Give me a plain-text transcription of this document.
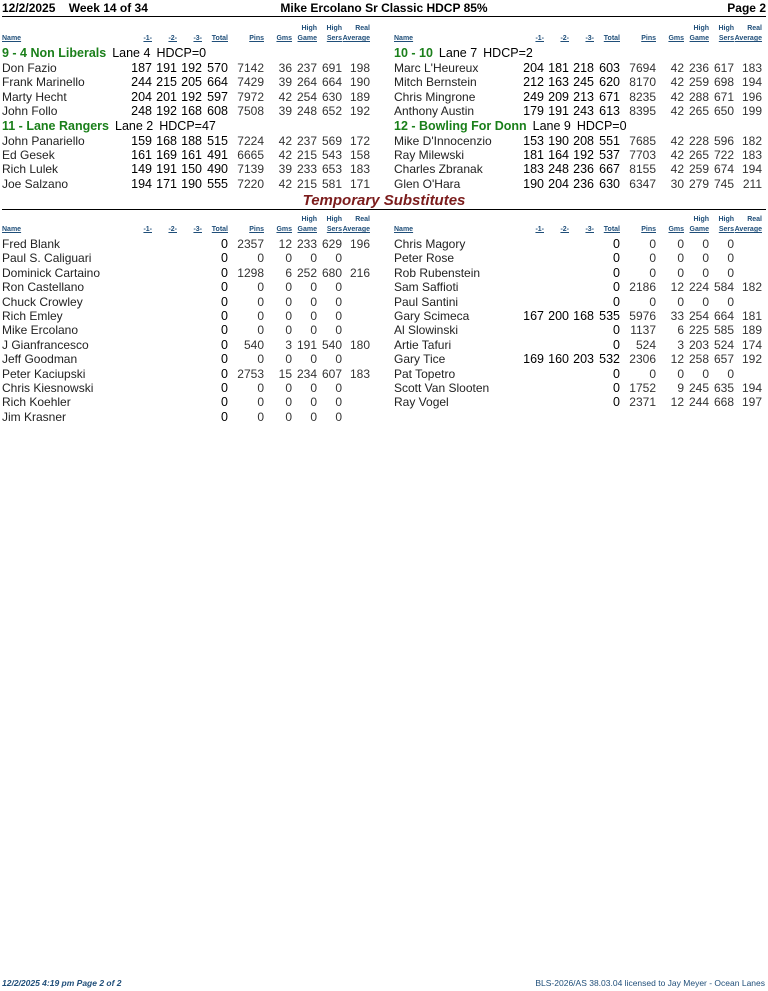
12/2/2025 Week 14 of 34	Mike Ercolano Sr Classic HDCP 85%	Page 2
Name	-1-	-2-	-3-	Total	Pins	Gms
High
Game
High
Sers
Real
Average
9 - 4 Non Liberals Lane 4 HDCP=0
Don Fazio	187 191 192 570 7142	36 237 691 198
Frank Marinello	244 215 205 664 7429	39 264 664 190
Marty Hecht	204 201 192 597 7972	42 254 630 189
John Follo	248 192 168 608 7508	39 248 652 192
11 - Lane Rangers Lane 2 HDCP=47
John Panariello	159 168 188 515 7224	42 237 569 172
Ed Gesek	161 169 161 491 6665	42 215 543 158
Rich Lulek	149 191 150 490 7139	39 233 653 183
Joe Salzano	194 171 190 555 7220	42 215 581 171
Name	-1-	-2-	-3-	Total	Pins	Gms
High
Game
High
Sers
Real
Average
10 - 10 Lane 7 HDCP=2
Marc L'Heureux	204 181 218 603 7694	42 236 617 183
Mitch Bernstein	212 163 245 620 8170	42 259 698 194
Chris Mingrone	249 209 213 671 8235	42 288 671 196
Anthony Austin	179 191 243 613 8395	42 265 650 199
12 - Bowling For Donn Lane 9 HDCP=0
Mike D'Innocenzio	153 190 208 551 7685	42 228 596 182
Ray Milewski	181 164 192 537 7703	42 265 722 183
Charles Zbranak	183 248 236 667 8155	42 259 674 194
Glen O'Hara	190 204 236 630 6347	30 279 745 211
Temporary Substitutes
Name	-1-	-2-	-3-	Total	Pins	Gms
High
Game
High
Sers
Real
Average
Fred Blank	0 2357	12 233 629 196
Paul S. Caliguari	0	0	0	0	0
Dominick Cartaino	0 1298	6 252 680 216
Ron Castellano	0	0	0	0	0
Chuck Crowley	0	0	0	0	0
Rich Emley	0	0	0	0	0
Mike Ercolano	0	0	0	0	0
J Gianfrancesco	0	540	3 191 540 180
Jeff Goodman	0	0	0	0	0
Peter Kaciupski	0 2753	15 234 607 183
Chris Kiesnowski	0	0	0	0	0
Rich Koehler	0	0	0	0	0
Jim Krasner	0	0	0	0	0
Name	-1-	-2-	-3-	Total	Pins	Gms
High
Game
High
Sers
Real
Average
Chris Magory	0	0	0	0	0
Peter Rose	0	0	0	0	0
Rob Rubenstein	0	0	0	0	0
Sam Saffioti	0 2186	12 224 584 182
Paul Santini	0	0	0	0	0
Gary Scimeca	167 200 168 535 5976	33 254 664 181
Al Slowinski	0 1137	6 225 585 189
Artie Tafuri	0	524	3 203 524 174
Gary Tice	169 160 203 532 2306	12 258 657 192
Pat Topetro	0	0	0	0	0
Scott Van Slooten	0 1752	9 245 635 194
Ray Vogel	0 2371	12 244 668 197
12/2/2025 4:19 pm Page 2 of 2	BLS-2026/AS 38.03.04 licensed to Jay Meyer - Ocean Lanes
